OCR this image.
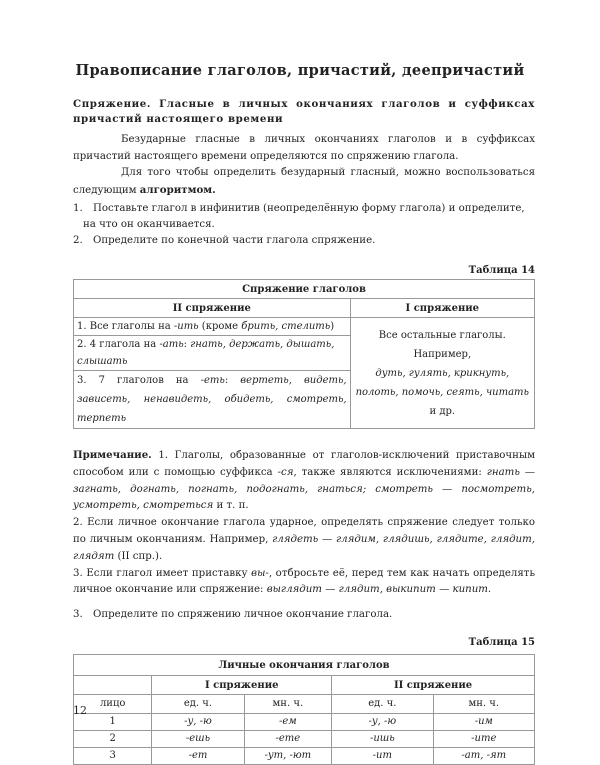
Правописание глаголов, причастий, деепричастий
Спряжение. Гласные в личных окончаниях глаголов и суффиксах причастий настоящего времени

Безударные гласные в личных окончаниях глаголов и в суффиксах причастий настоящего времени определяются по спряжению глагола.

Для того чтобы определить безударный гласный, можно воспользоваться следующим алгоритмом.

1. Поставьте глагол в инфинитив (неопределённую форму глагола) и определите, на что он оканчивается.
2. Определите по конечной части глагола спряжение.
Таблица 14
Спряжение глаголов	
II спряжение	I спряжение
1. Все глаголы на -ить (кроме брить, стелить)	Все остальные глаголы.
Например,
дуть, гулять, крикнуть, полоть, помочь, сеять, читать и др.

2. 4 глагола на -ать: гнать, держать, дышать, слышать	
3. 7 глаголов на -еть: вертеть, видеть, зависеть, ненавидеть, обидеть, смотреть, терпеть	

Примечание. 1. Глаголы, образованные от глаголов-исключений приставочным способом или с помощью суффикса -ся, также являются исключениями: гнать — загнать, догнать, погнать, подогнать, гнаться; смотреть — посмотреть, усмотреть, смотреться и т. п.

2. Если личное окончание глагола ударное, определять спряжение следует только по личным окончаниям. Например, глядеть — глядим, глядишь, глядите, глядит, глядят (II спр.).

3. Если глагол имеет приставку вы-, отбросьте её, перед тем как начать определять личное окончание или спряжение: выглядит — глядит, выкипит — кипит.

3. Определите по спряжению личное окончание глагола.
Таблица 15
Личные окончания глаголов				
	I спряжение		II спряжение	
лицо	ед. ч.	мн. ч.	ед. ч.	мн. ч.
1	-у, -ю	-ем	-у, -ю	-им
2	-ешь	-ете	-ишь	-ите
3	-ет	-ут, -ют	-ит	-ат, -ят
12
